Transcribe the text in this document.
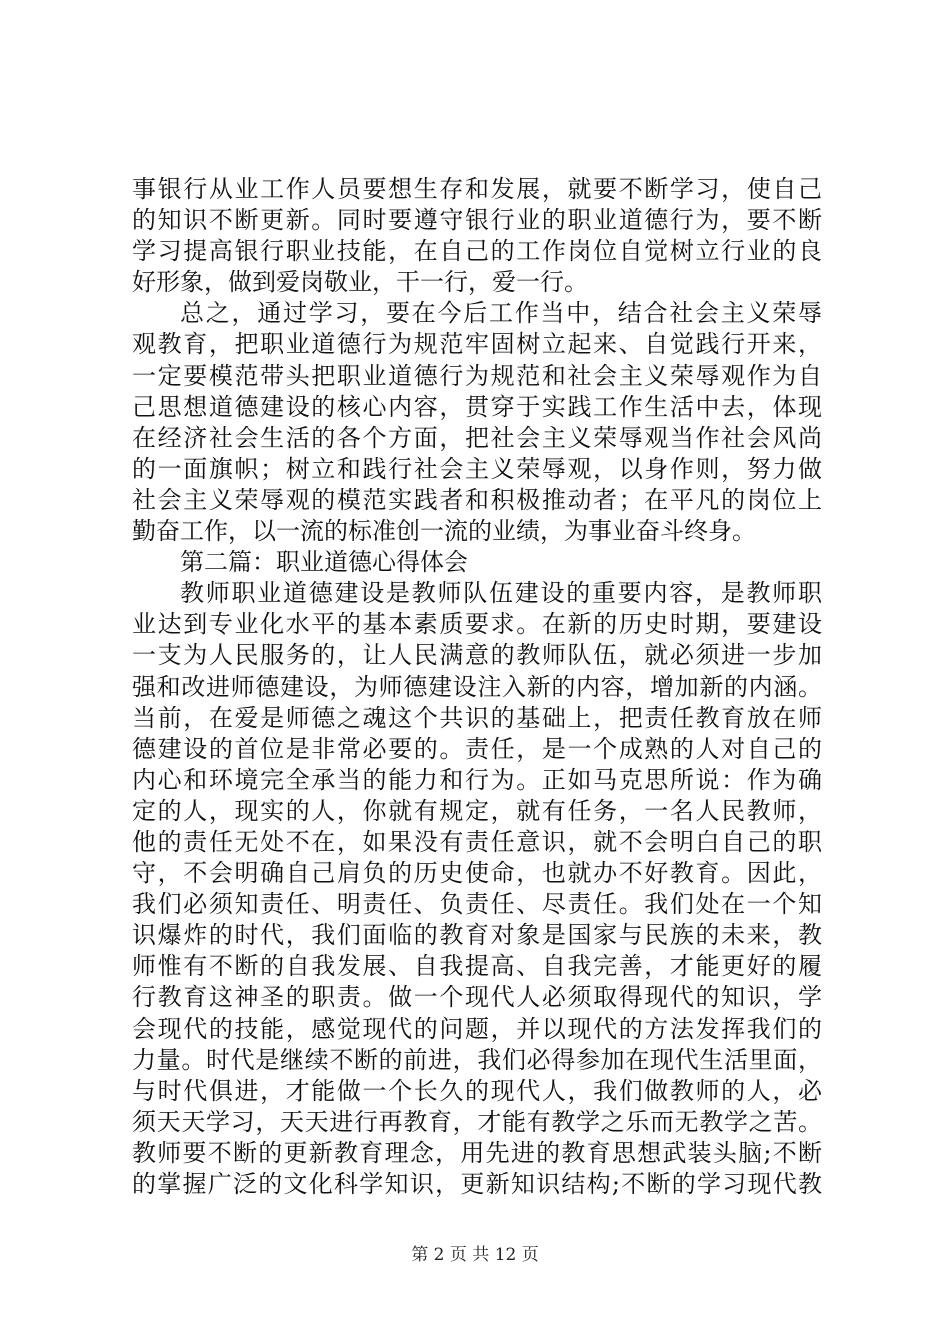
事银行从业工作人员要想生存和发展，就要不断学习，使自己
的知识不断更新。同时要遵守银行业的职业道德行为，要不断
学习提高银行职业技能，在自己的工作岗位自觉树立行业的良
好形象，做到爱岗敬业，干一行，爱一行。
总之，通过学习，要在今后工作当中，结合社会主义荣辱
观教育，把职业道德行为规范牢固树立起来、自觉践行开来，
一定要模范带头把职业道德行为规范和社会主义荣辱观作为自
己思想道德建设的核心内容，贯穿于实践工作生活中去，体现
在经济社会生活的各个方面，把社会主义荣辱观当作社会风尚
的一面旗帜；树立和践行社会主义荣辱观，以身作则，努力做
社会主义荣辱观的模范实践者和积极推动者；在平凡的岗位上
勤奋工作，以一流的标准创一流的业绩，为事业奋斗终身。
第二篇：职业道德心得体会
教师职业道德建设是教师队伍建设的重要内容，是教师职
业达到专业化水平的基本素质要求。在新的历史时期，要建设
一支为人民服务的，让人民满意的教师队伍，就必须进一步加
强和改进师德建设，为师德建设注入新的内容，增加新的内涵。
当前，在爱是师德之魂这个共识的基础上，把责任教育放在师
德建设的首位是非常必要的。责任，是一个成熟的人对自己的
内心和环境完全承当的能力和行为。正如马克思所说：作为确
定的人，现实的人，你就有规定，就有任务，一名人民教师，
他的责任无处不在，如果没有责任意识，就不会明白自己的职
守，不会明确自己肩负的历史使命，也就办不好教育。因此，
我们必须知责任、明责任、负责任、尽责任。我们处在一个知
识爆炸的时代，我们面临的教育对象是国家与民族的未来，教
师惟有不断的自我发展、自我提高、自我完善，才能更好的履
行教育这神圣的职责。做一个现代人必须取得现代的知识，学
会现代的技能，感觉现代的问题，并以现代的方法发挥我们的
力量。时代是继续不断的前进，我们必得参加在现代生活里面，
与时代俱进，才能做一个长久的现代人，我们做教师的人，必
须天天学习，天天进行再教育，才能有教学之乐而无教学之苦。
教师要不断的更新教育理念，用先进的教育思想武装头脑;不断
的掌握广泛的文化科学知识，更新知识结构;不断的学习现代教
第 2 页 共 12 页
